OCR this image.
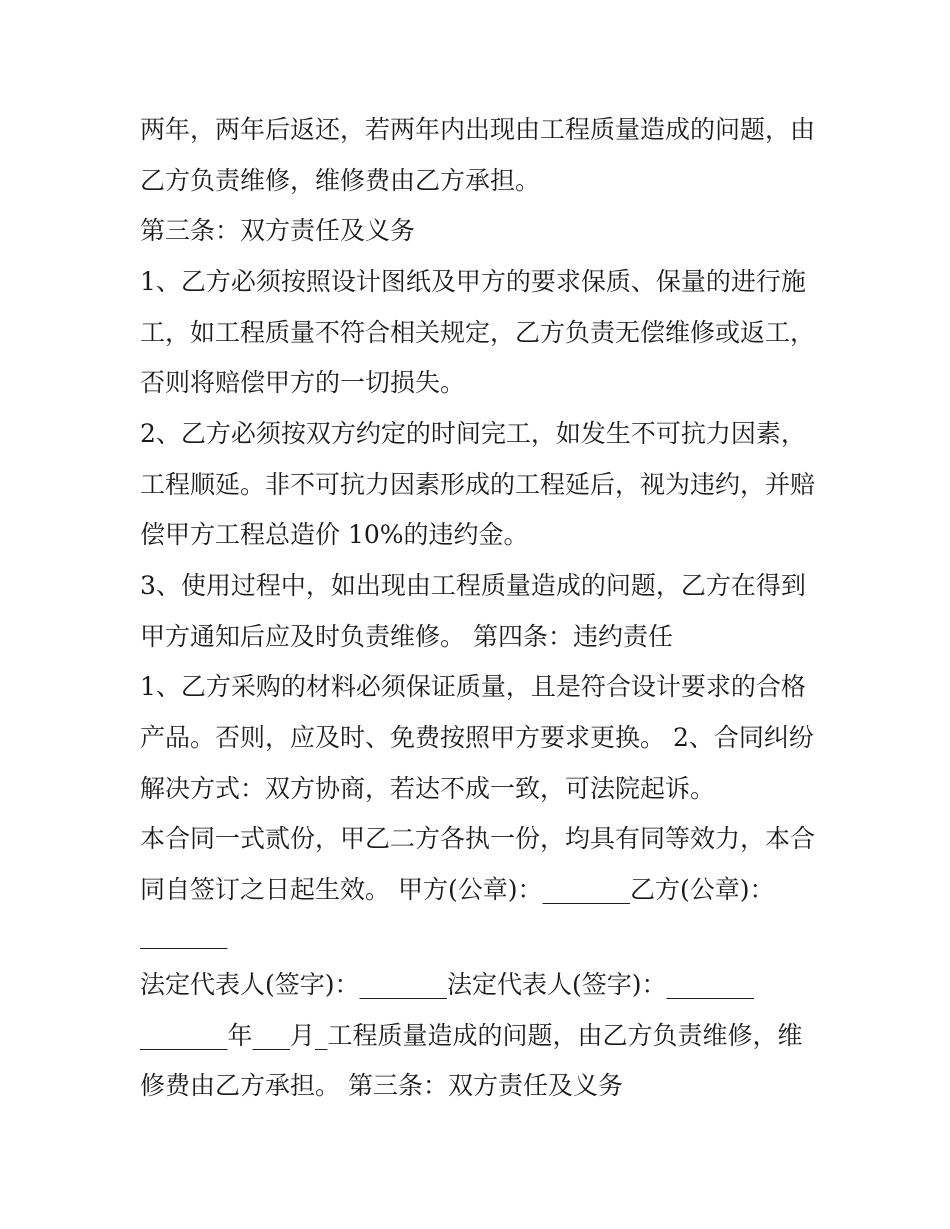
两年，两年后返还，若两年内出现由工程质量造成的问题，由
乙方负责维修，维修费由乙方承担。
第三条：双方责任及义务
1、乙方必须按照设计图纸及甲方的要求保质、保量的进行施
工，如工程质量不符合相关规定，乙方负责无偿维修或返工，
否则将赔偿甲方的一切损失。
2、乙方必须按双方约定的时间完工，如发生不可抗力因素，
工程顺延。非不可抗力因素形成的工程延后，视为违约，并赔
偿甲方工程总造价 10%的违约金。
3、使用过程中，如出现由工程质量造成的问题，乙方在得到
甲方通知后应及时负责维修。 第四条：违约责任
1、乙方采购的材料必须保证质量，且是符合设计要求的合格
产品。否则，应及时、免费按照甲方要求更换。 2、合同纠纷
解决方式：双方协商，若达不成一致，可法院起诉。
本合同一式贰份，甲乙二方各执一份，均具有同等效力，本合
同自签订之日起生效。 甲方(公章)：_______乙方(公章)：
_______
法定代表人(签字)：_______法定代表人(签字)：_______
_______年___月_工程质量造成的问题，由乙方负责维修，维
修费由乙方承担。 第三条：双方责任及义务
